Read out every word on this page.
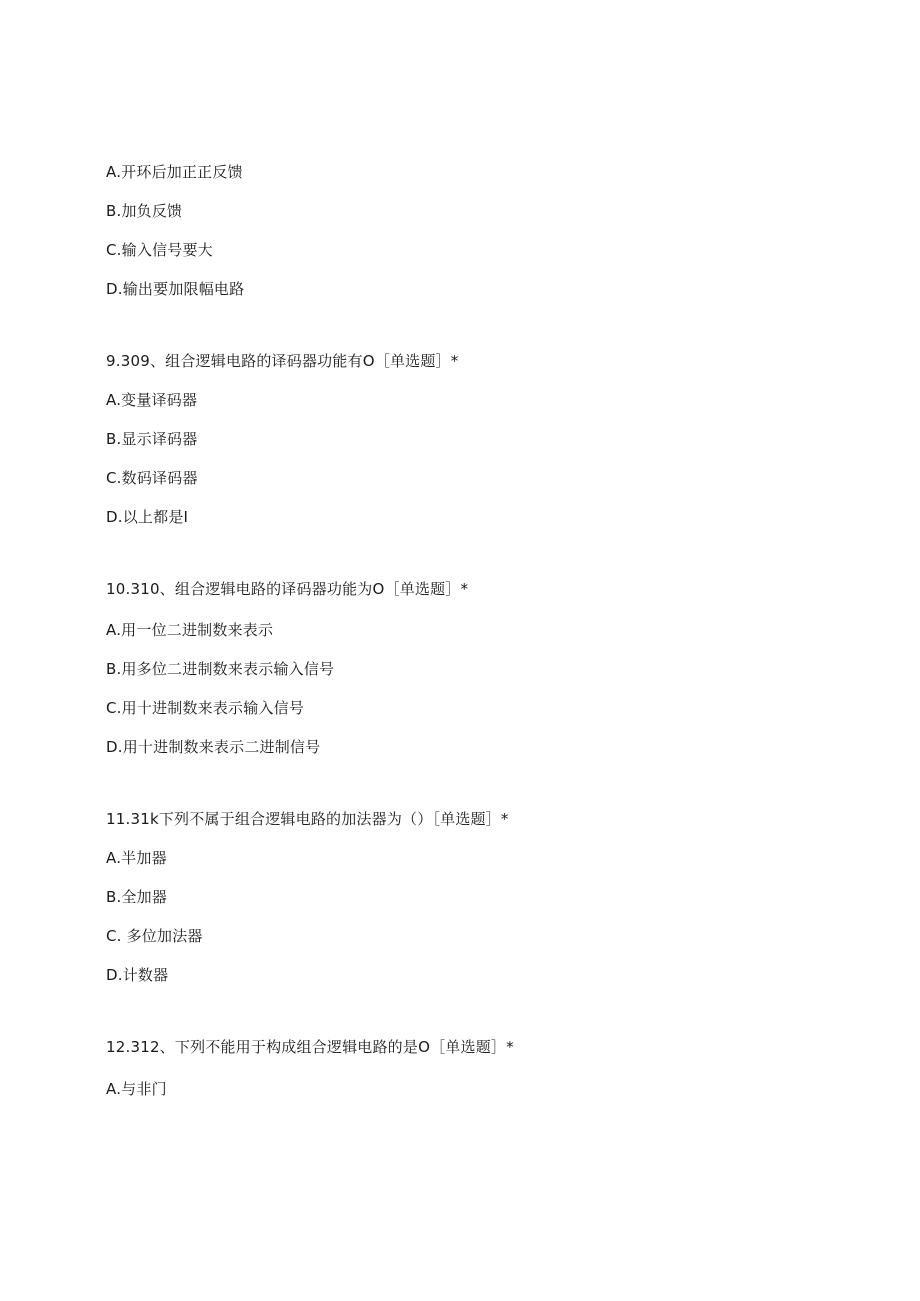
A.开环后加正正反馈
B.加负反馈
C.输入信号要大
D.输出要加限幅电路
9.309、组合逻辑电路的译码器功能有O［单选题］*
A.变量译码器
B.显示译码器
C.数码译码器
D.以上都是I
10.310、组合逻辑电路的译码器功能为O［单选题］*
A.用一位二进制数来表示
B.用多位二进制数来表示输入信号
C.用十进制数来表示输入信号
D.用十进制数来表示二进制信号
11.31k下列不属于组合逻辑电路的加法器为（）［单选题］*
A.半加器
B.全加器
C. 多位加法器
D.计数器
12.312、下列不能用于构成组合逻辑电路的是O［单选题］*
A.与非门
